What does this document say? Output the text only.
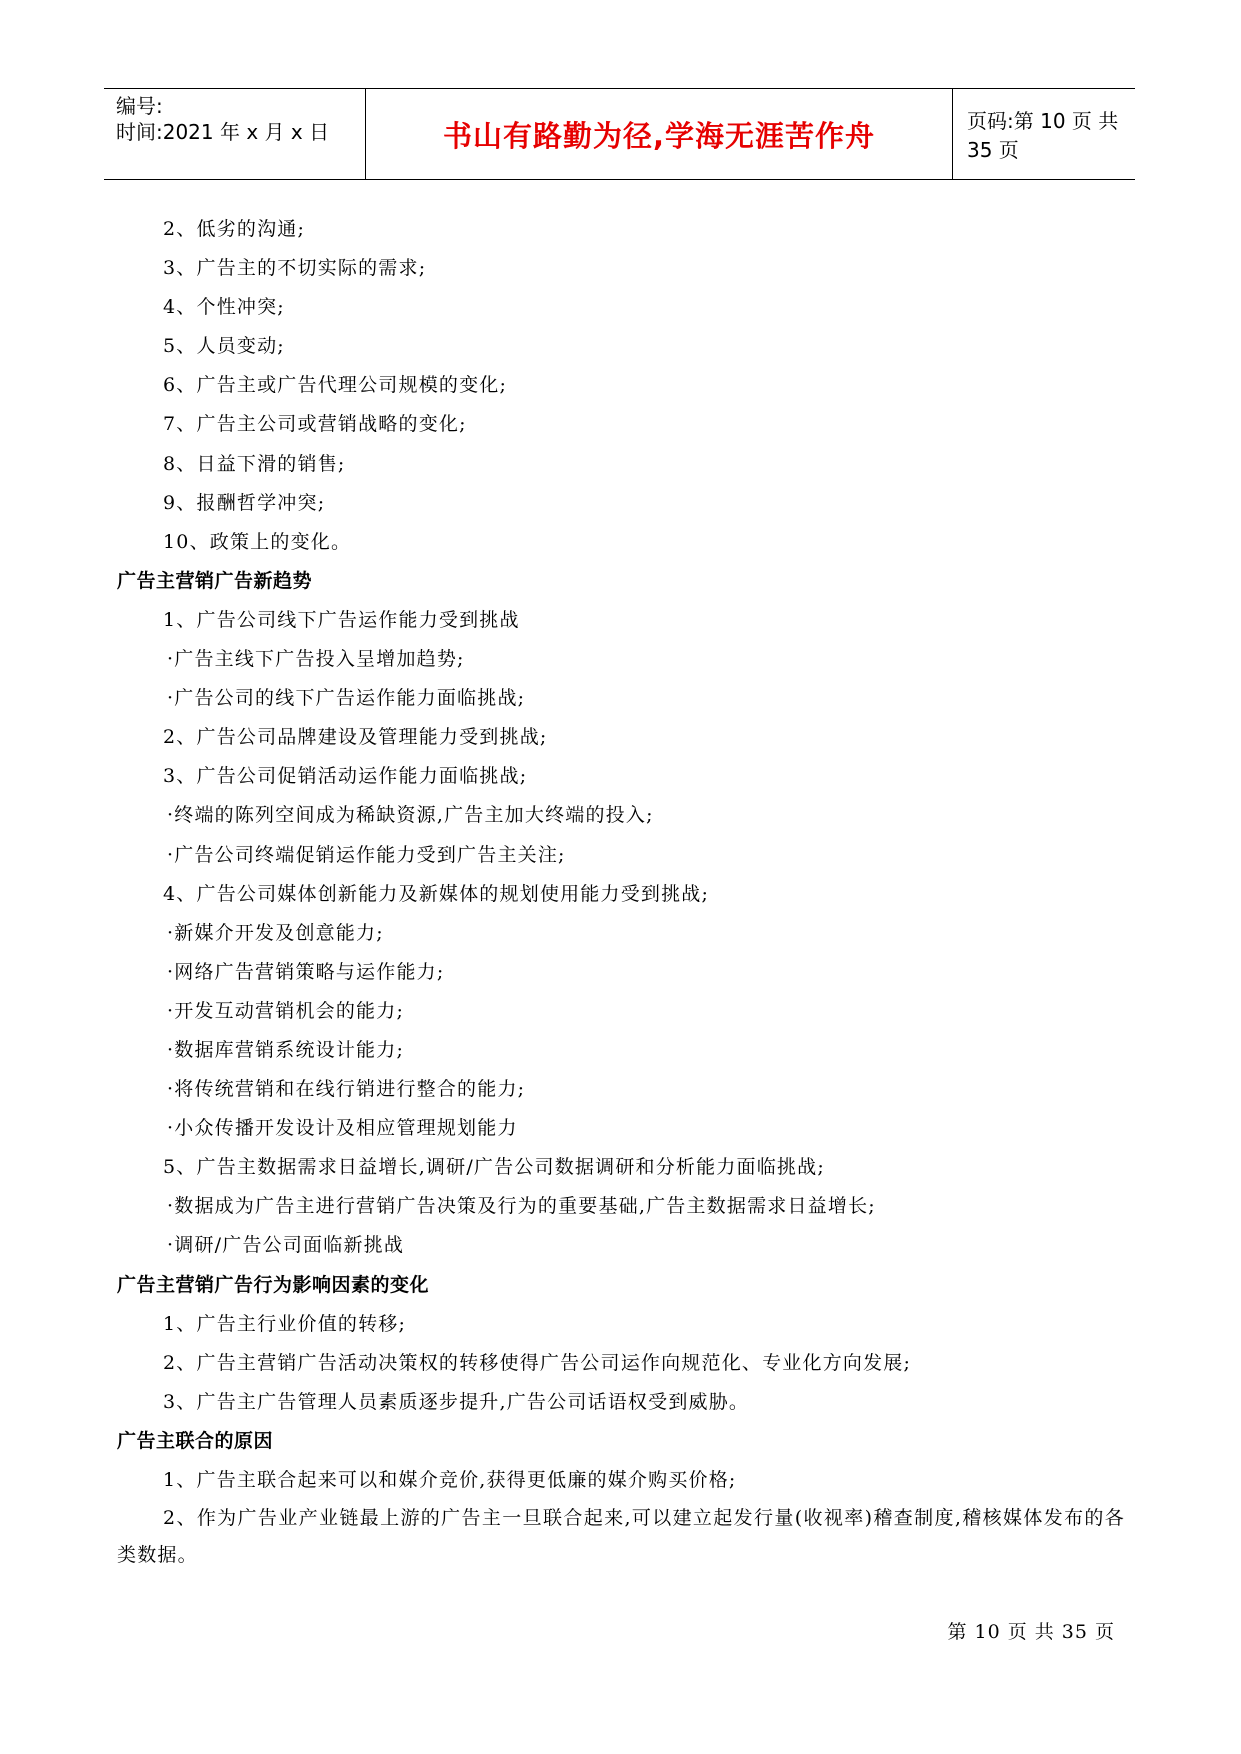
编号:
时间:2021 年 x 月 x 日	书山有路勤为径,学海无涯苦作舟	页码:第 10 页 共 35 页
2、低劣的沟通;
3、广告主的不切实际的需求;
4、个性冲突;
5、人员变动;
6、广告主或广告代理公司规模的变化;
7、广告主公司或营销战略的变化;
8、日益下滑的销售;
9、报酬哲学冲突;
10、政策上的变化。
广告主营销广告新趋势
1、广告公司线下广告运作能力受到挑战
·广告主线下广告投入呈增加趋势;
·广告公司的线下广告运作能力面临挑战;
2、广告公司品牌建设及管理能力受到挑战;
3、广告公司促销活动运作能力面临挑战;
·终端的陈列空间成为稀缺资源,广告主加大终端的投入;
·广告公司终端促销运作能力受到广告主关注;
4、广告公司媒体创新能力及新媒体的规划使用能力受到挑战;
·新媒介开发及创意能力;
·网络广告营销策略与运作能力;
·开发互动营销机会的能力;
·数据库营销系统设计能力;
·将传统营销和在线行销进行整合的能力;
·小众传播开发设计及相应管理规划能力
5、广告主数据需求日益增长,调研/广告公司数据调研和分析能力面临挑战;
·数据成为广告主进行营销广告决策及行为的重要基础,广告主数据需求日益增长;
·调研/广告公司面临新挑战
广告主营销广告行为影响因素的变化
1、广告主行业价值的转移;
2、广告主营销广告活动决策权的转移使得广告公司运作向规范化、专业化方向发展;
3、广告主广告管理人员素质逐步提升,广告公司话语权受到威胁。
广告主联合的原因
1、广告主联合起来可以和媒介竞价,获得更低廉的媒介购买价格;

2、作为广告业产业链最上游的广告主一旦联合起来,可以建立起发行量(收视率)稽查制度,稽核媒体发布的各类数据。

第 10 页 共 35 页
